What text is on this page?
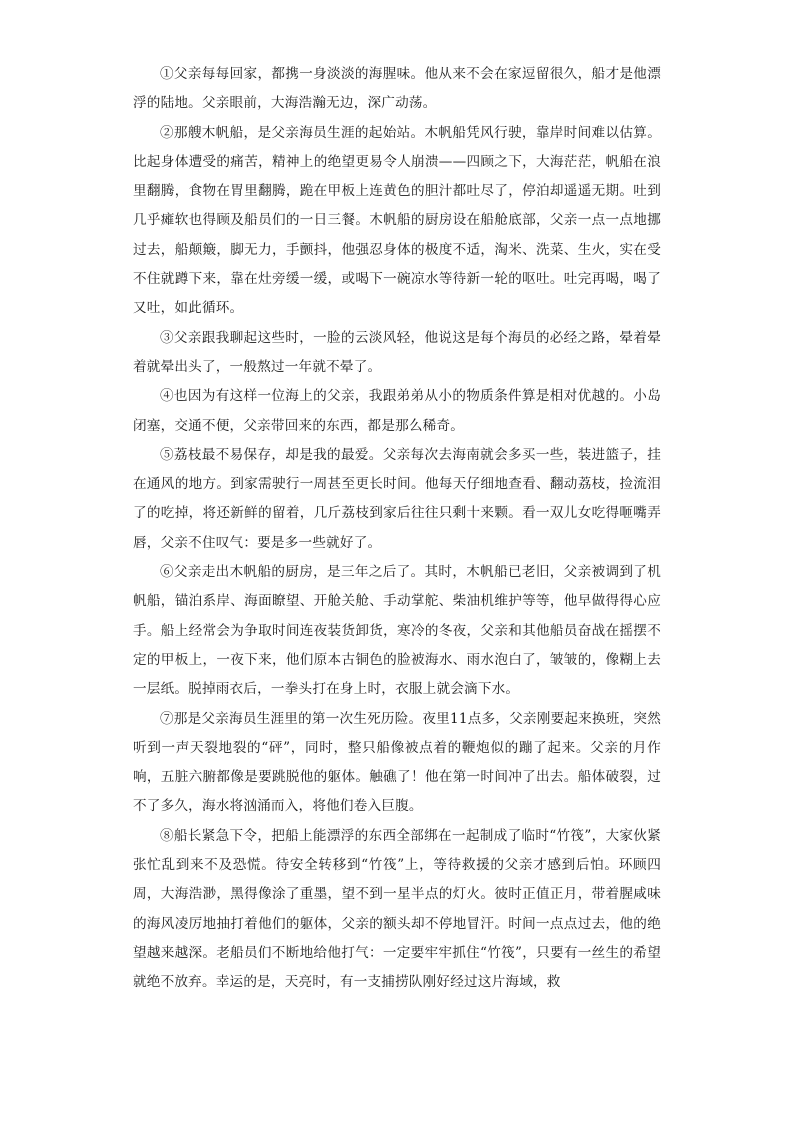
①父亲每每回家，都携一身淡淡的海腥味。他从来不会在家逗留很久，船才是他漂浮的陆地。父亲眼前，大海浩瀚无边，深广动荡。

②那艘木帆船，是父亲海员生涯的起始站。木帆船凭风行驶，靠岸时间难以估算。比起身体遭受的痛苦，精神上的绝望更易令人崩溃——四顾之下，大海茫茫，帆船在浪里翻腾，食物在胃里翻腾，跪在甲板上连黄色的胆汁都吐尽了，停泊却遥遥无期。吐到几乎瘫软也得顾及船员们的一日三餐。木帆船的厨房设在船舱底部，父亲一点一点地挪过去，船颠簸，脚无力，手颤抖，他强忍身体的极度不适，淘米、洗菜、生火，实在受不住就蹲下来，靠在灶旁缓一缓，或喝下一碗凉水等待新一轮的呕吐。吐完再喝，喝了又吐，如此循环。

③父亲跟我聊起这些时，一脸的云淡风轻，他说这是每个海员的必经之路，晕着晕着就晕出头了，一般熬过一年就不晕了。

④也因为有这样一位海上的父亲，我跟弟弟从小的物质条件算是相对优越的。小岛闭塞，交通不便，父亲带回来的东西，都是那么稀奇。

⑤荔枝最不易保存，却是我的最爱。父亲每次去海南就会多买一些，装进篮子，挂在通风的地方。到家需驶行一周甚至更长时间。他每天仔细地查看、翻动荔枝，捡流泪了的吃掉，将还新鲜的留着，几斤荔枝到家后往往只剩十来颗。看一双儿女吃得咂嘴弄唇，父亲不住叹气：要是多一些就好了。

⑥父亲走出木帆船的厨房，是三年之后了。其时，木帆船已老旧，父亲被调到了机帆船，锚泊系岸、海面瞭望、开舱关舱、手动掌舵、柴油机维护等等，他早做得得心应手。船上经常会为争取时间连夜装货卸货，寒冷的冬夜，父亲和其他船员奋战在摇摆不定的甲板上，一夜下来，他们原本古铜色的脸被海水、雨水泡白了，皱皱的，像糊上去一层纸。脱掉雨衣后，一拳头打在身上时，衣服上就会滴下水。

⑦那是父亲海员生涯里的第一次生死历险。夜里11点多，父亲刚要起来换班，突然听到一声天裂地裂的“砰”，同时，整只船像被点着的鞭炮似的蹦了起来。父亲的月作响，五脏六腑都像是要跳脱他的躯体。触礁了！他在第一时间冲了出去。船体破裂，过不了多久，海水将汹涌而入，将他们卷入巨腹。

⑧船长紧急下令，把船上能漂浮的东西全部绑在一起制成了临时“竹筏”，大家伙紧张忙乱到来不及恐慌。待安全转移到“竹筏”上，等待救援的父亲才感到后怕。环顾四周，大海浩渺，黑得像涂了重墨，望不到一星半点的灯火。彼时正值正月，带着腥咸味的海风凌厉地抽打着他们的躯体，父亲的额头却不停地冒汗。时间一点点过去，他的绝望越来越深。老船员们不断地给他打气：一定要牢牢抓住“竹筏”，只要有一丝生的希望就绝不放弃。幸运的是，天亮时，有一支捕捞队刚好经过这片海域，救
